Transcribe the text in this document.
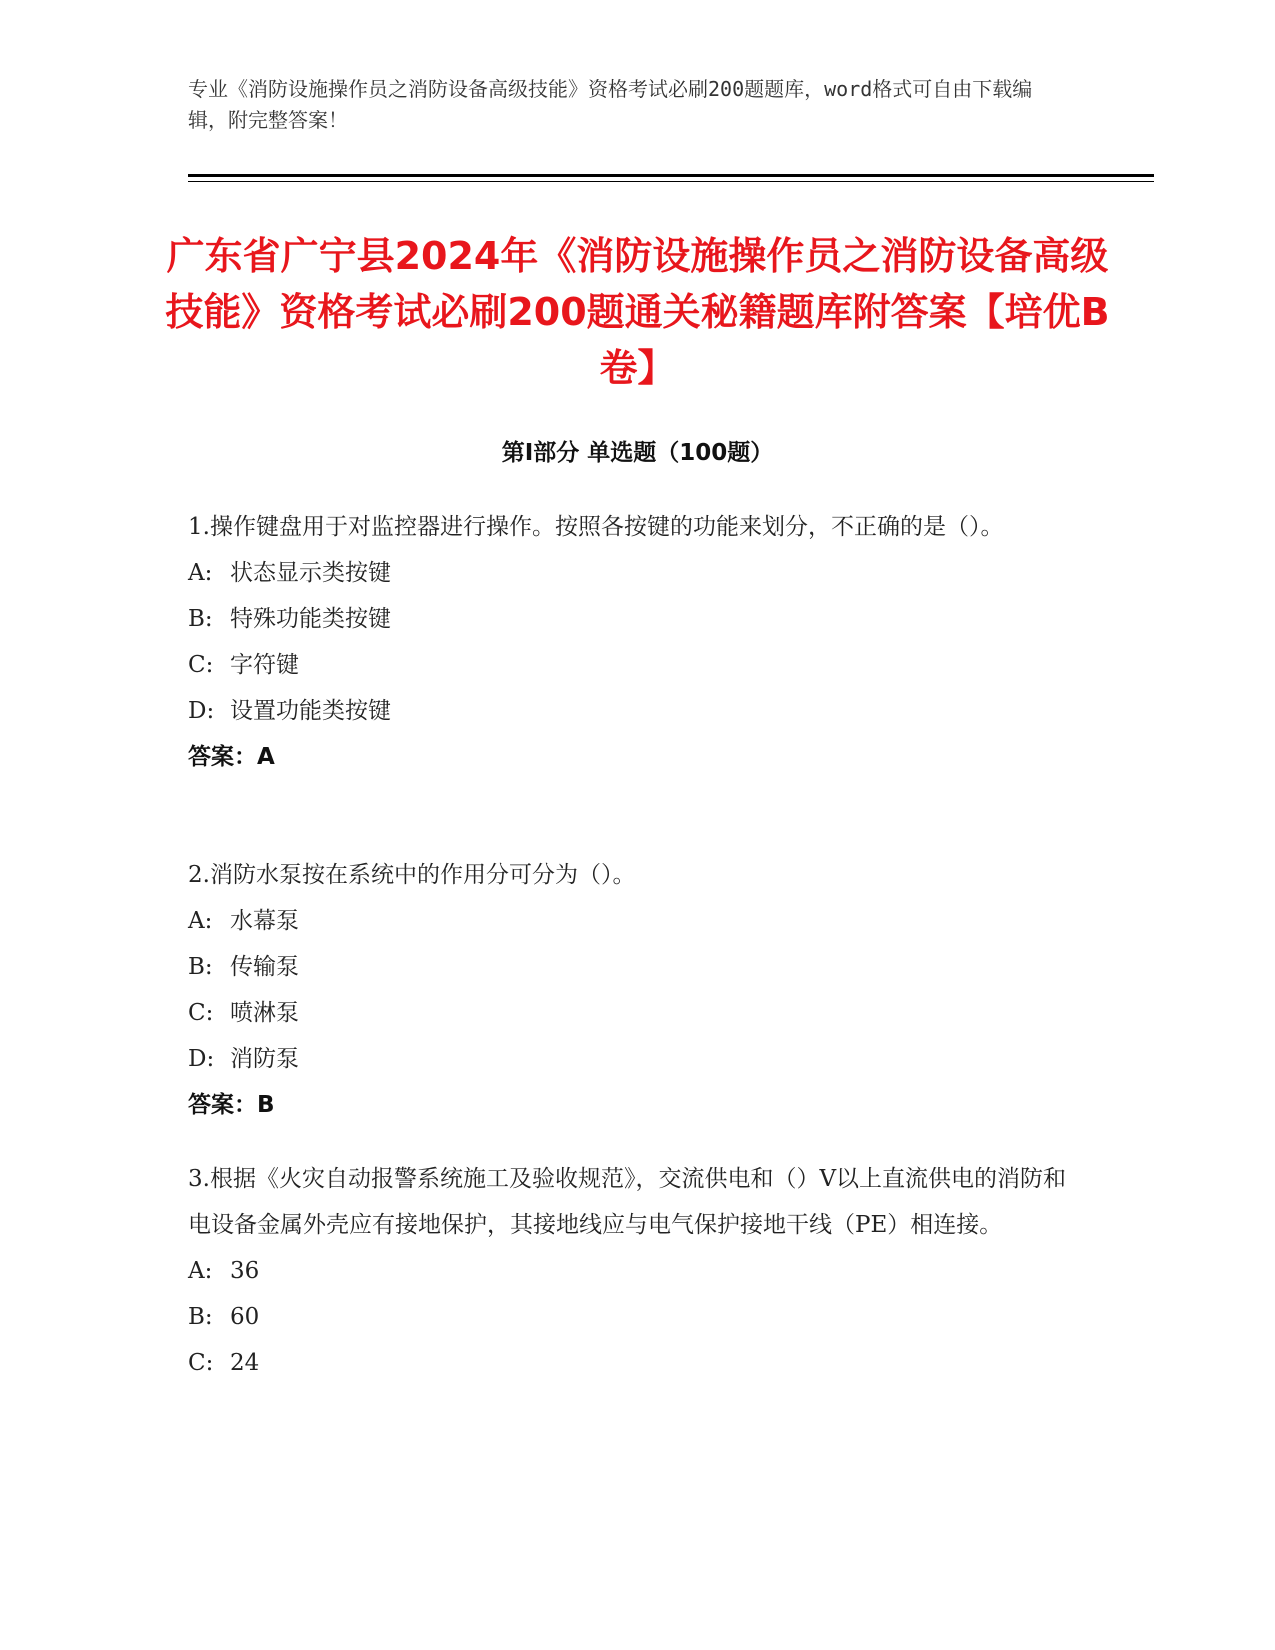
专业《消防设施操作员之消防设备高级技能》资格考试必刷200题题库，word格式可自由下载编辑，附完整答案！
广东省广宁县2024年《消防设施操作员之消防设备高级技能》资格考试必刷200题通关秘籍题库附答案【培优B卷】
第Ⅰ部分 单选题（100题）
1.操作键盘用于对监控器进行操作。按照各按键的功能来划分，不正确的是（）。
A: 状态显示类按键
B: 特殊功能类按键
C: 字符键
D: 设置功能类按键
答案：A
2.消防水泵按在系统中的作用分可分为（）。
A: 水幕泵
B: 传输泵
C: 喷淋泵
D: 消防泵
答案：B
3.根据《火灾自动报警系统施工及验收规范》，交流供电和（）V以上直流供电的消防和电设备金属外壳应有接地保护，其接地线应与电气保护接地干线（PE）相连接。
A: 36
B: 60
C: 24
